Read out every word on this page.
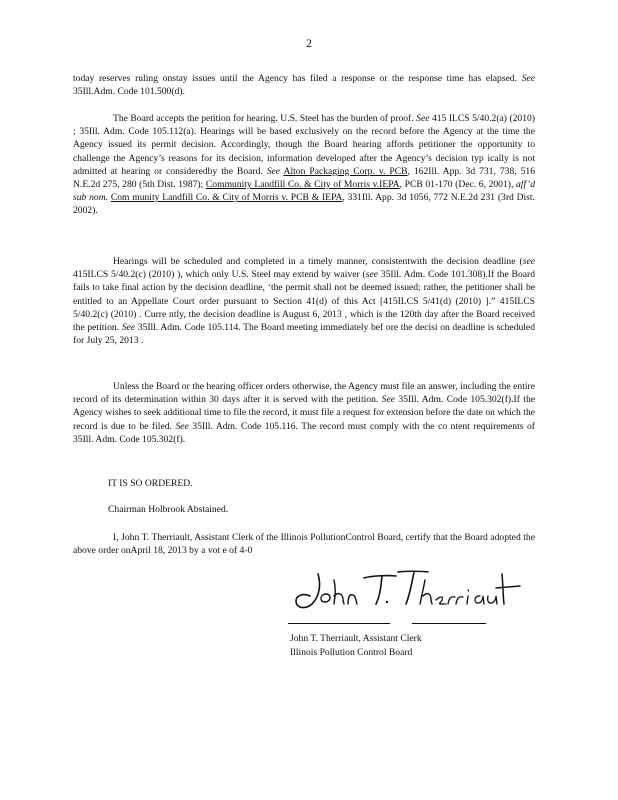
2

today reserves ruling onstay issues until the Agency has filed a response or the response time has elapsed. See 35Ill.Adm. Code 101.500(d).

The Board accepts the petition for hearing. U.S. Steel has the burden of proof. See 415 ILCS 5/40.2(a) (2010) ; 35Ill. Adm. Code 105.112(a). Hearings will be based exclusively on the record before the Agency at the time the Agency issued its permit decision. Accordingly, though the Board hearing affords petitioner the opportunity to challenge the Agency’s reasons for its decision, information developed after the Agency’s decision typ ically is not admitted at hearing or consideredby the Board. See Alton Packaging Corp. v. PCB, 162Ill. App. 3d 731, 738, 516 N.E.2d 275, 280 (5th Dist. 1987); Community Landfill Co. & City of Morris v.IEPA, PCB 01-170 (Dec. 6, 2001), aff’d sub nom. Com munity Landfill Co. & City of Morris v. PCB & IEPA, 331Ill. App. 3d 1056, 772 N.E.2d 231 (3rd Dist. 2002).

Hearings will be scheduled and completed in a timely manner, consistentwith the decision deadline (see 415ILCS 5/40.2(c) (2010) ), which only U.S. Steel may extend by waiver (see 35Ill. Adm. Code 101.308).If the Board fails to take final action by the decision deadline, ‘the permit shall not be deemed issued; rather, the petitioner shall be entitled to an Appellate Court order pursuant to Section 41(d) of this Act [415ILCS 5/41(d) (2010) ].” 415ILCS 5/40.2(c) (2010) . Curre ntly, the decision deadline is August 6, 2013 , which is the 120th day after the Board received the petition. See 35Ill. Adm. Code 105.114. The Board meeting immediately bef ore the decisi on deadline is scheduled for July 25, 2013 .

Unless the Board or the hearing officer orders otherwise, the Agency must file an answer, including the entire record of its determination within 30 days after it is served with the petition. See 35Ill. Adm. Code 105.302(f).If the Agency wishes to seek additional time to file the record, it must file a request for extension before the date on which the record is due to be filed. See 35Ill. Adm. Code 105.116. The record must comply with the co ntent requirements of 35Ill. Adm. Code 105.302(f).

IT IS SO ORDERED.

Chairman Holbrook Abstained.

I, John T. Therriault, Assistant Clerk of the Illinois PollutionControl Board, certify that the Board adopted the above order onApril 18, 2013 by a vot e of 4-0

John T. Therriault, Assistant Clerk
Illinois Pollution Control Board
